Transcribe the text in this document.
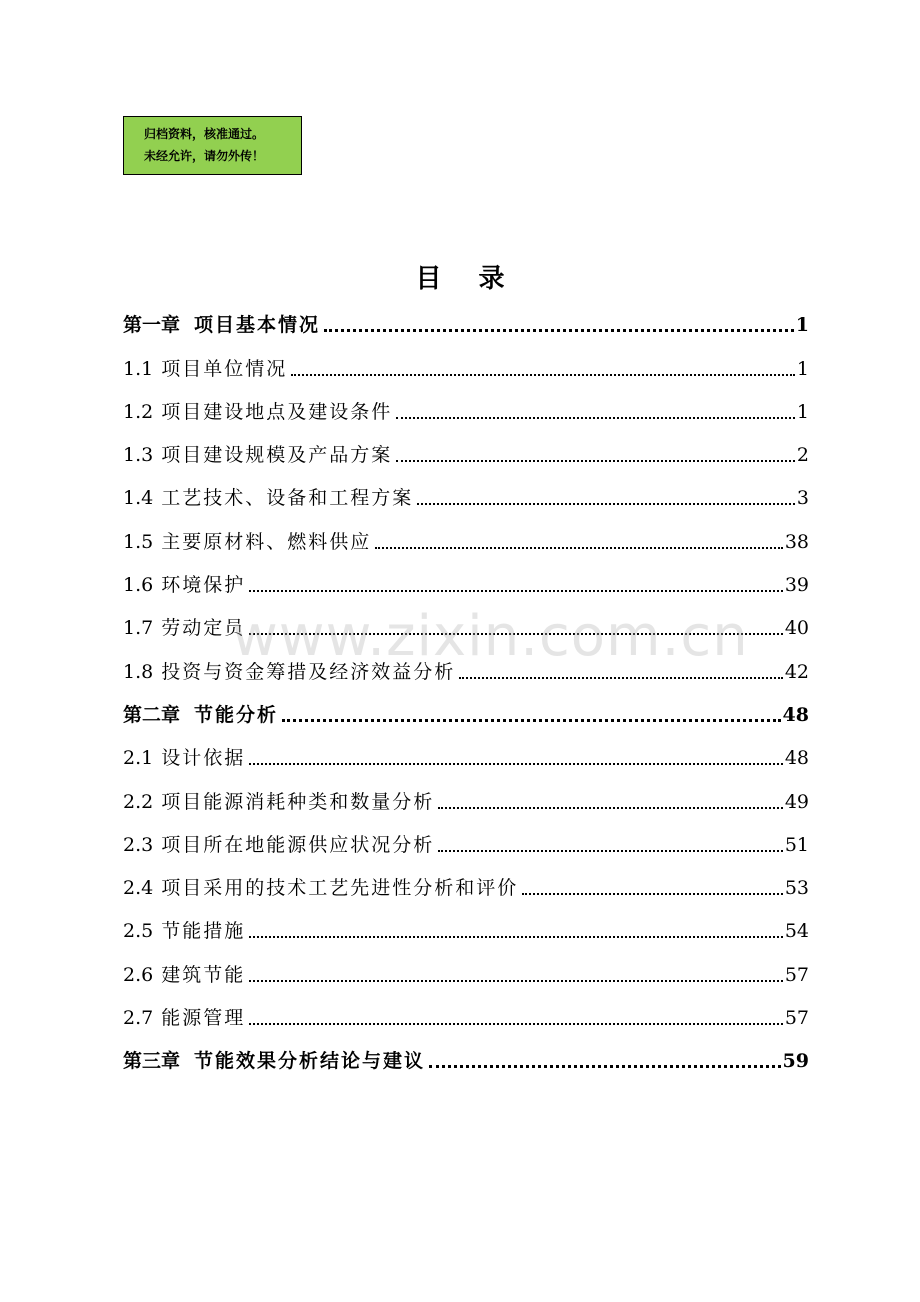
归档资料，核准通过。
未经允许，请勿外传！
目 录
第一章 项目基本情况	1
1.1 项目单位情况	1
1.2 项目建设地点及建设条件	1
1.3 项目建设规模及产品方案	2
1.4 工艺技术、设备和工程方案	3
1.5 主要原材料、燃料供应	38
1.6 环境保护	39
1.7 劳动定员	40
1.8 投资与资金筹措及经济效益分析	42
第二章 节能分析	48
2.1 设计依据	48
2.2 项目能源消耗种类和数量分析	49
2.3 项目所在地能源供应状况分析	51
2.4 项目采用的技术工艺先进性分析和评价	53
2.5 节能措施	54
2.6 建筑节能	57
2.7 能源管理	57
第三章 节能效果分析结论与建议	59
www.zixin.com.cn
